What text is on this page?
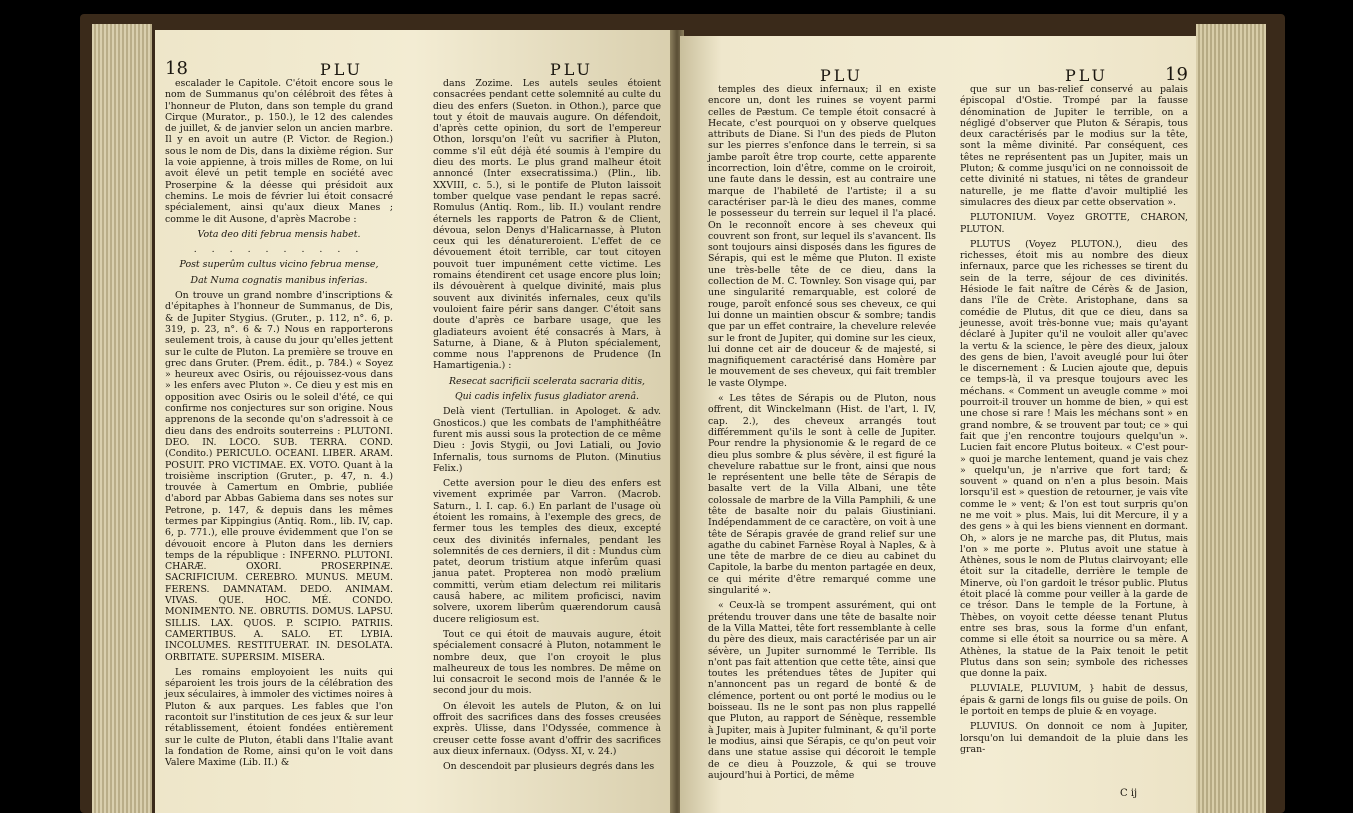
18	PLU	PLU

escalader le Capitole. C'étoit encore sous le nom de Summanus qu'on célébroit des fêtes à l'honneur de Pluton, dans son temple du grand Cirque (Murator., p. 150.), le 12 des calendes de juillet, & de janvier selon un ancien marbre. Il y en avoit un autre (P. Victor. de Region.) sous le nom de Dis, dans la dixième région. Sur la voie appienne, à trois milles de Rome, on lui avoit élevé un petit temple en société avec Proserpine & la déesse qui présidoit aux chemins. Le mois de février lui étoit consacré spécialement, ainsi qu'aux dieux Manes ; comme le dit Ausone, d'après Macrobe :

Vota deo diti februa mensis habet.

. . . . . . . . . .

Post superûm cultus vicino februa mense,

Dat Numa cognatis manibus inferias.

On trouve un grand nombre d'inscriptions & d'épitaphes à l'honneur de Summanus, de Dis, & de Jupiter Stygius. (Gruter., p. 112, n°. 6, p. 319, p. 23, n°. 6 & 7.) Nous en rapporterons seulement trois, à cause du jour qu'elles jettent sur le culte de Pluton. La première se trouve en grec dans Gruter. (Prem. édit., p. 784.) « Soyez » heureux avec Osiris, ou réjouissez-vous dans » les enfers avec Pluton ». Ce dieu y est mis en opposition avec Osiris ou le soleil d'été, ce qui confirme nos conjectures sur son origine. Nous apprenons de la seconde qu'on s'adressoit à ce dieu dans des endroits souterreins : PLUTONI. DEO. IN. LOCO. SUB. TERRA. COND. (Condito.) PERICULO. OCEANI. LIBER. ARAM. POSUIT. PRO VICTIMAE. EX. VOTO. Quant à la troisième inscription (Gruter., p. 47, n. 4.) trouvée à Camertum en Ombrie, publiée d'abord par Abbas Gabiema dans ses notes sur Petrone, p. 147, & depuis dans les mêmes termes par Kippingius (Antiq. Rom., lib. IV, cap. 6, p. 771.), elle prouve évidemment que l'on se dévouoit encore à Pluton dans les derniers temps de la république : INFERNO. PLUTONI. CHARÆ. OXORI. PROSERPINÆ. SACRIFICIUM. CEREBRO. MUNUS. MEUM. FERENS. DAMNATAM. DEDO. ANIMAM. VIVAS. QUE. HOC. MÉ. CONDO. MONIMENTO. NE. OBRUTIS. DOMUS. LAPSU. SILLIS. LAX. QUOS. P. SCIPIO. PATRIIS. CAMERTIBUS. A. SALO. ET. LYBIA. INCOLUMES. RESTITUERAT. IN. DESOLATA. ORBITATE. SUPERSIM. MISERA.

Les romains employoient les nuits qui séparoient les trois jours de la célébration des jeux séculaires, à immoler des victimes noires à Pluton & aux parques. Les fables que l'on racontoit sur l'institution de ces jeux & sur leur rétablissement, étoient fondées entièrement sur le culte de Pluton, établi dans l'Italie avant la fondation de Rome, ainsi qu'on le voit dans Valere Maxime (Lib. II.) &

dans Zozime. Les autels seules étoient consacrées pendant cette solemnité au culte du dieu des enfers (Sueton. in Othon.), parce que tout y étoit de mauvais augure. On défendoit, d'après cette opinion, du sort de l'empereur Othon, lorsqu'on l'eût vu sacrifier à Pluton, comme s'il eût déjà été soumis à l'empire du dieu des morts. Le plus grand malheur étoit annoncé (Inter exsecratissima.) (Plin., lib. XXVIII, c. 5.), si le pontife de Pluton laissoit tomber quelque vase pendant le repas sacré. Romulus (Antiq. Rom., lib. II.) voulant rendre éternels les rapports de Patron & de Client, dévoua, selon Denys d'Halicarnasse, à Pluton ceux qui les dénatureroient. L'effet de ce dévouement étoit terrible, car tout citoyen pouvoit tuer impunément cette victime. Les romains étendirent cet usage encore plus loin; ils dévouèrent à quelque divinité, mais plus souvent aux divinités infernales, ceux qu'ils vouloient faire périr sans danger. C'étoit sans doute d'après ce barbare usage, que les gladiateurs avoient été consacrés à Mars, à Saturne, à Diane, & à Pluton spécialement, comme nous l'apprenons de Prudence (In Hamartigenia.) :

Resecat sacrificii scelerata sacraria ditis,

Qui cadis infelix fusus gladiator arenâ.

Delà vient (Tertullian. in Apologet. & adv. Gnosticos.) que les combats de l'amphithéâtre furent mis aussi sous la protection de ce même Dieu : Jovis Stygii, ou Jovi Latiali, ou Jovio Infernalis, tous surnoms de Pluton. (Minutius Felix.)

Cette aversion pour le dieu des enfers est vivement exprimée par Varron. (Macrob. Saturn., l. I. cap. 6.) En parlant de l'usage où étoient les romains, à l'exemple des grecs, de fermer tous les temples des dieux, excepté ceux des divinités infernales, pendant les solemnités de ces derniers, il dit : Mundus cùm patet, deorum tristium atque inferûm quasi janua patet. Propterea non modò prælium committi, verùm etiam delectum rei militaris causâ habere, ac militem proficisci, navim solvere, uxorem liberûm quærendorum causâ ducere religiosum est.

Tout ce qui étoit de mauvais augure, étoit spécialement consacré à Pluton, notamment le nombre deux, que l'on croyoit le plus malheureux de tous les nombres. De même on lui consacroit le second mois de l'année & le second jour du mois.

On élevoit les autels de Pluton, & on lui offroit des sacrifices dans des fosses creusées exprès. Ulisse, dans l'Odyssée, commence à creuser cette fosse avant d'offrir des sacrifices aux dieux infernaux. (Odyss. XI, v. 24.)

On descendoit par plusieurs degrés dans les

PLU	PLU	19

temples des dieux infernaux; il en existe encore un, dont les ruines se voyent parmi celles de Pæstum. Ce temple étoit consacré à Hecate, c'est pourquoi on y observe quelques attributs de Diane. Si l'un des pieds de Pluton sur les pierres s'enfonce dans le terrein, si sa jambe paroît être trop courte, cette apparente incorrection, loin d'être, comme on le croiroit, une faute dans le dessin, est au contraire une marque de l'habileté de l'artiste; il a su caractériser par-là le dieu des manes, comme le possesseur du terrein sur lequel il l'a placé. On le reconnoît encore à ses cheveux qui couvrent son front, sur lequel ils s'avancent. Ils sont toujours ainsi disposés dans les figures de Sérapis, qui est le même que Pluton. Il existe une très-belle tête de ce dieu, dans la collection de M. C. Townley. Son visage qui, par une singularité remarquable, est coloré de rouge, paroît enfoncé sous ses cheveux, ce qui lui donne un maintien obscur & sombre; tandis que par un effet contraire, la chevelure relevée sur le front de Jupiter, qui domine sur les cieux, lui donne cet air de douceur & de majesté, si magnifiquement caractérisé dans Homère par le mouvement de ses cheveux, qui fait trembler le vaste Olympe.

« Les têtes de Sérapis ou de Pluton, nous offrent, dit Winckelmann (Hist. de l'art, l. IV, cap. 2.), des cheveux arrangés tout différemment qu'ils le sont à celle de Jupiter. Pour rendre la physionomie & le regard de ce dieu plus sombre & plus sévère, il est figuré la chevelure rabattue sur le front, ainsi que nous le représentent une belle tête de Sérapis de basalte vert de la Villa Albani, une tête colossale de marbre de la Villa Pamphili, & une tête de basalte noir du palais Giustiniani. Indépendamment de ce caractère, on voit à une tête de Sérapis gravée de grand relief sur une agathe du cabinet Farnèse Royal à Naples, & à une tête de marbre de ce dieu au cabinet du Capitole, la barbe du menton partagée en deux, ce qui mérite d'être remarqué comme une singularité ».

« Ceux-là se trompent assurément, qui ont prétendu trouver dans une tête de basalte noir de la Villa Mattei, tête fort ressemblante à celle du père des dieux, mais caractérisée par un air sévère, un Jupiter surnommé le Terrible. Ils n'ont pas fait attention que cette tête, ainsi que toutes les prétendues têtes de Jupiter qui n'annoncent pas un regard de bonté & de clémence, portent ou ont porté le modius ou le boisseau. Ils ne le sont pas non plus rappellé que Pluton, au rapport de Sénèque, ressemble à Jupiter, mais à Jupiter fulminant, & qu'il porte le modius, ainsi que Sérapis, ce qu'on peut voir dans une statue assise qui décoroit le temple de ce dieu à Pouzzole, & qui se trouve aujourd'hui à Portici, de même

que sur un bas-relief conservé au palais épiscopal d'Ostie. Trompé par la fausse dénomination de Jupiter le terrible, on a négligé d'observer que Pluton & Sérapis, tous deux caractérisés par le modius sur la tête, sont la même divinité. Par conséquent, ces têtes ne représentent pas un Jupiter, mais un Pluton; & comme jusqu'ici on ne connoissoit de cette divinité ni statues, ni têtes de grandeur naturelle, je me flatte d'avoir multiplié les simulacres des dieux par cette observation ».

PLUTONIUM. Voyez GROTTE, CHARON, PLUTON.

PLUTUS (Voyez PLUTON.), dieu des richesses, étoit mis au nombre des dieux infernaux, parce que les richesses se tirent du sein de la terre, séjour de ces divinités. Hésiode le fait naître de Cérès & de Jasion, dans l'île de Crète. Aristophane, dans sa comédie de Plutus, dit que ce dieu, dans sa jeunesse, avoit très-bonne vue; mais qu'ayant déclaré à Jupiter qu'il ne vouloit aller qu'avec la vertu & la science, le père des dieux, jaloux des gens de bien, l'avoit aveuglé pour lui ôter le discernement : & Lucien ajoute que, depuis ce temps-là, il va presque toujours avec les méchans. « Comment un aveugle comme » moi pourroit-il trouver un homme de bien, » qui est une chose si rare ! Mais les méchans sont » en grand nombre, & se trouvent par tout; ce » qui fait que j'en rencontre toujours quelqu'un ». Lucien fait encore Plutus boiteux. « C'est pour- » quoi je marche lentement, quand je vais chez » quelqu'un, je n'arrive que fort tard; & souvent » quand on n'en a plus besoin. Mais lorsqu'il est » question de retourner, je vais vîte comme le » vent; & l'on est tout surpris qu'on ne me voit » plus. Mais, lui dit Mercure, il y a des gens » à qui les biens viennent en dormant. Oh, » alors je ne marche pas, dit Plutus, mais l'on » me porte ». Plutus avoit une statue à Athènes, sous le nom de Plutus clairvoyant; elle étoit sur la citadelle, derrière le temple de Minerve, où l'on gardoit le trésor public. Plutus étoit placé là comme pour veiller à la garde de ce trésor. Dans le temple de la Fortune, à Thèbes, on voyoit cette déesse tenant Plutus entre ses bras, sous la forme d'un enfant, comme si elle étoit sa nourrice ou sa mère. A Athènes, la statue de la Paix tenoit le petit Plutus dans son sein; symbole des richesses que donne la paix.

PLUVIALE, PLUVIUM, } habit de dessus, épais & garni de longs fils ou guise de poils. On le portoit en temps de pluie & en voyage.

PLUVIUS. On donnoit ce nom à Jupiter, lorsqu'on lui demandoit de la pluie dans les gran-

C ij
